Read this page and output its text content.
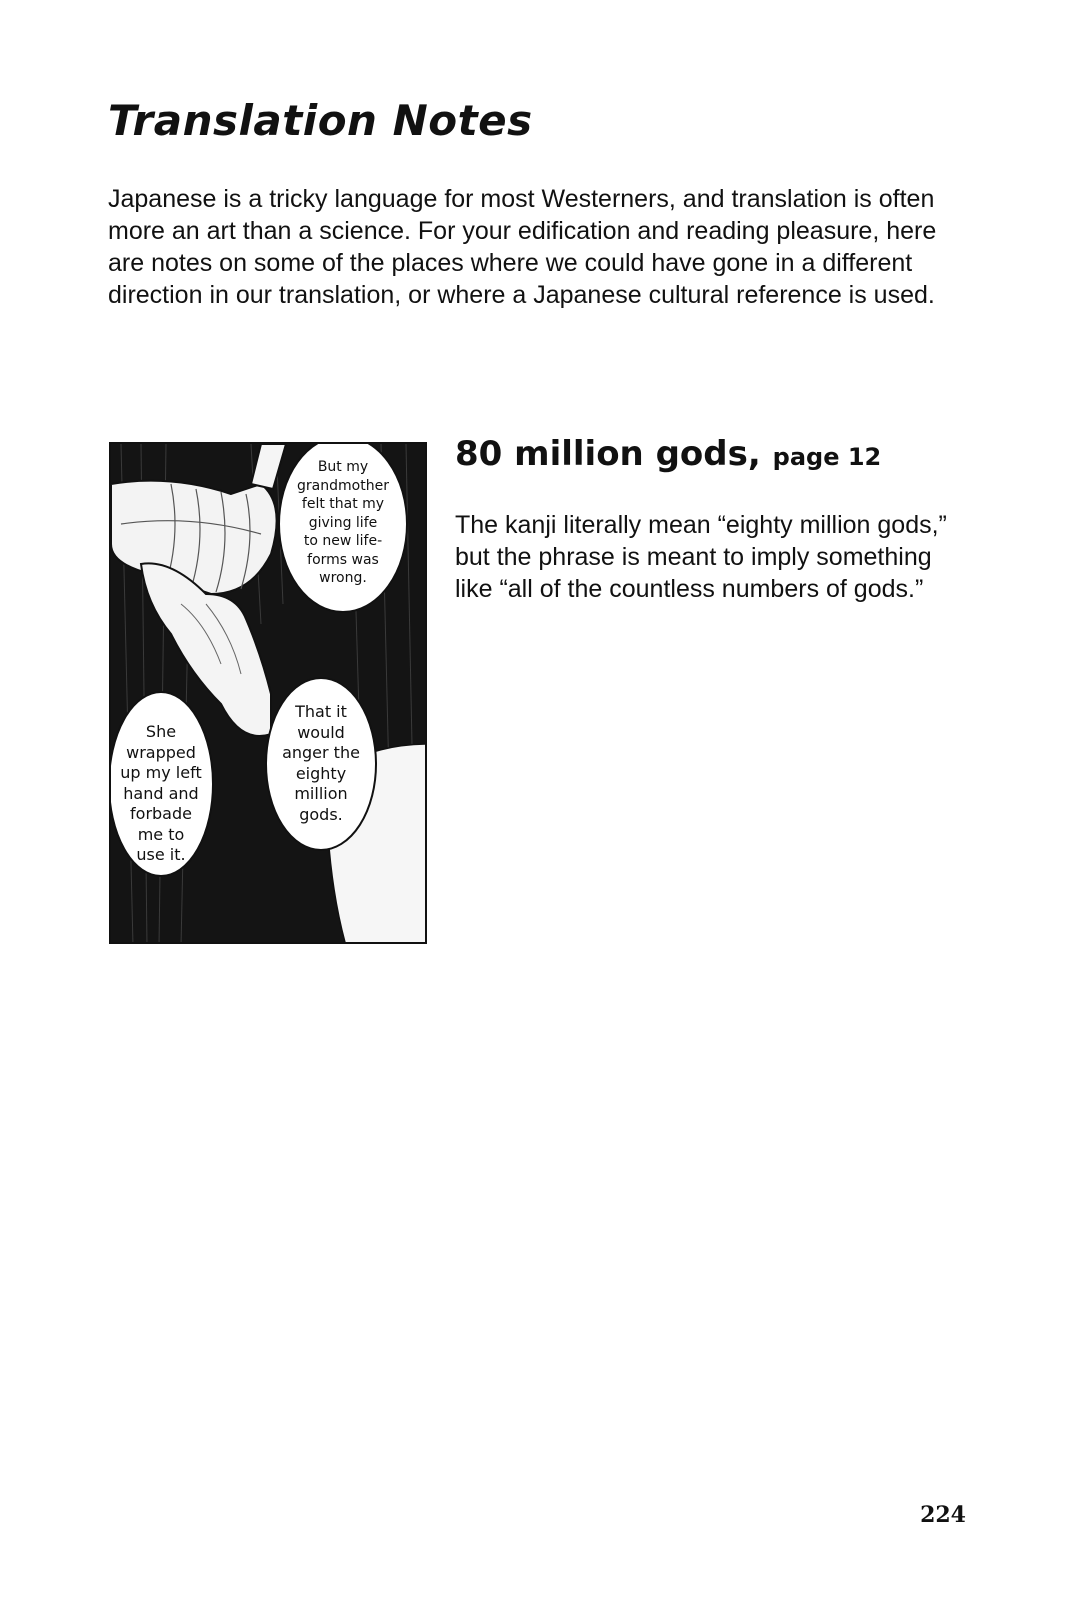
Translation Notes

Japanese is a tricky language for most Westerners, and translation is often more an art than a science. For your edification and reading pleasure, here are notes on some of the places where we could have gone in a different direction in our translation, or where a Japanese cultural reference is used.

But my
grandmother
felt that my
giving life
to new life-
forms was
wrong.

That it
would
anger the
eighty
million
gods.

She
wrapped
up my left
hand and
forbade
me to
use it.

80 million gods, page 12

The kanji literally mean “eighty million gods,” but the phrase is meant to imply something like “all of the countless numbers of gods.”

224
